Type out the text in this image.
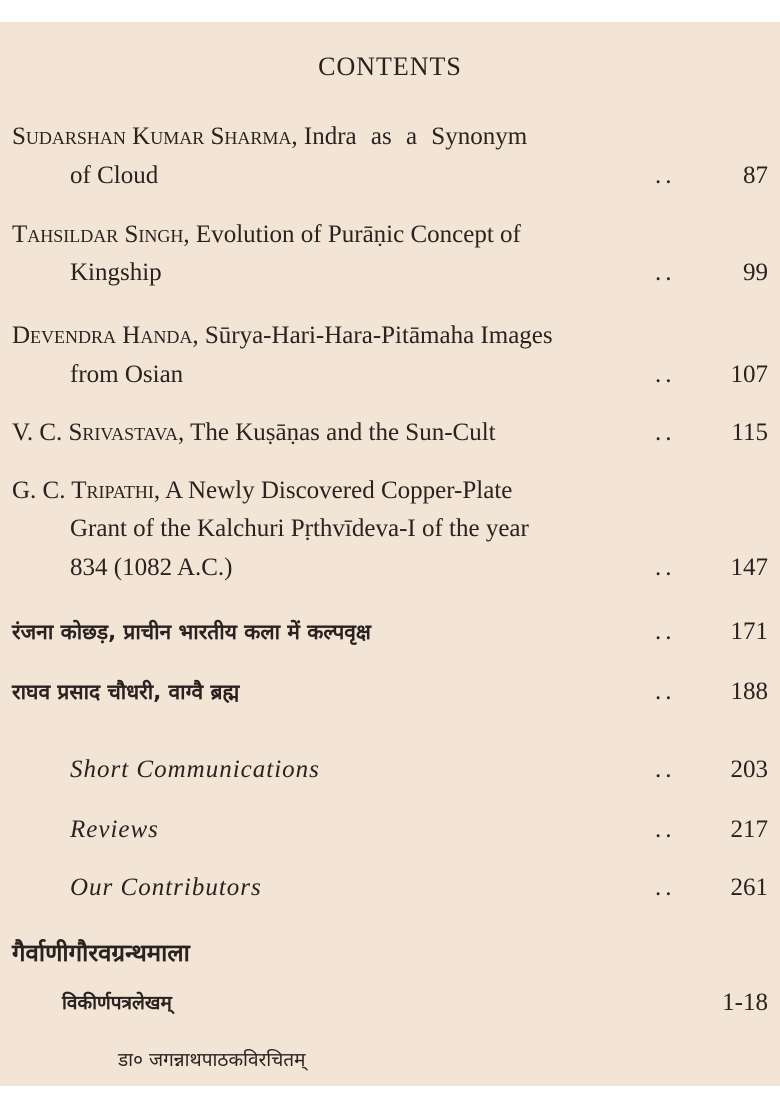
CONTENTS
Sudarshan Kumar Sharma, Indra as a Synonym
of Cloud	..	87
Tahsildar Singh, Evolution of Purāṇic Concept of
Kingship	..	99
Devendra Handa, Sūrya-Hari-Hara-Pitāmaha Images
from Osian	.. 107
V. C. Srivastava, The Kuṣāṇas and the Sun-Cult	.. 115
G. C. Tripathi, A Newly Discovered Copper-Plate
Grant of the Kalchuri Pṛthvīdeva-I of the year
834 (1082 A.C.)	.. 147
रंजना कोछड़, प्राचीन भारतीय कला में कल्पवृक्ष	.. 171
राघव प्रसाद चौधरी, वाग्वै ब्रह्म	.. 188
Short Communications	.. 203
Reviews	.. 217
Our Contributors	.. 261
गैर्वाणीगौरवग्रन्थमाला
विकीर्णपत्रलेखम्	1-18
डा० जगन्नाथपाठकविरचितम्
